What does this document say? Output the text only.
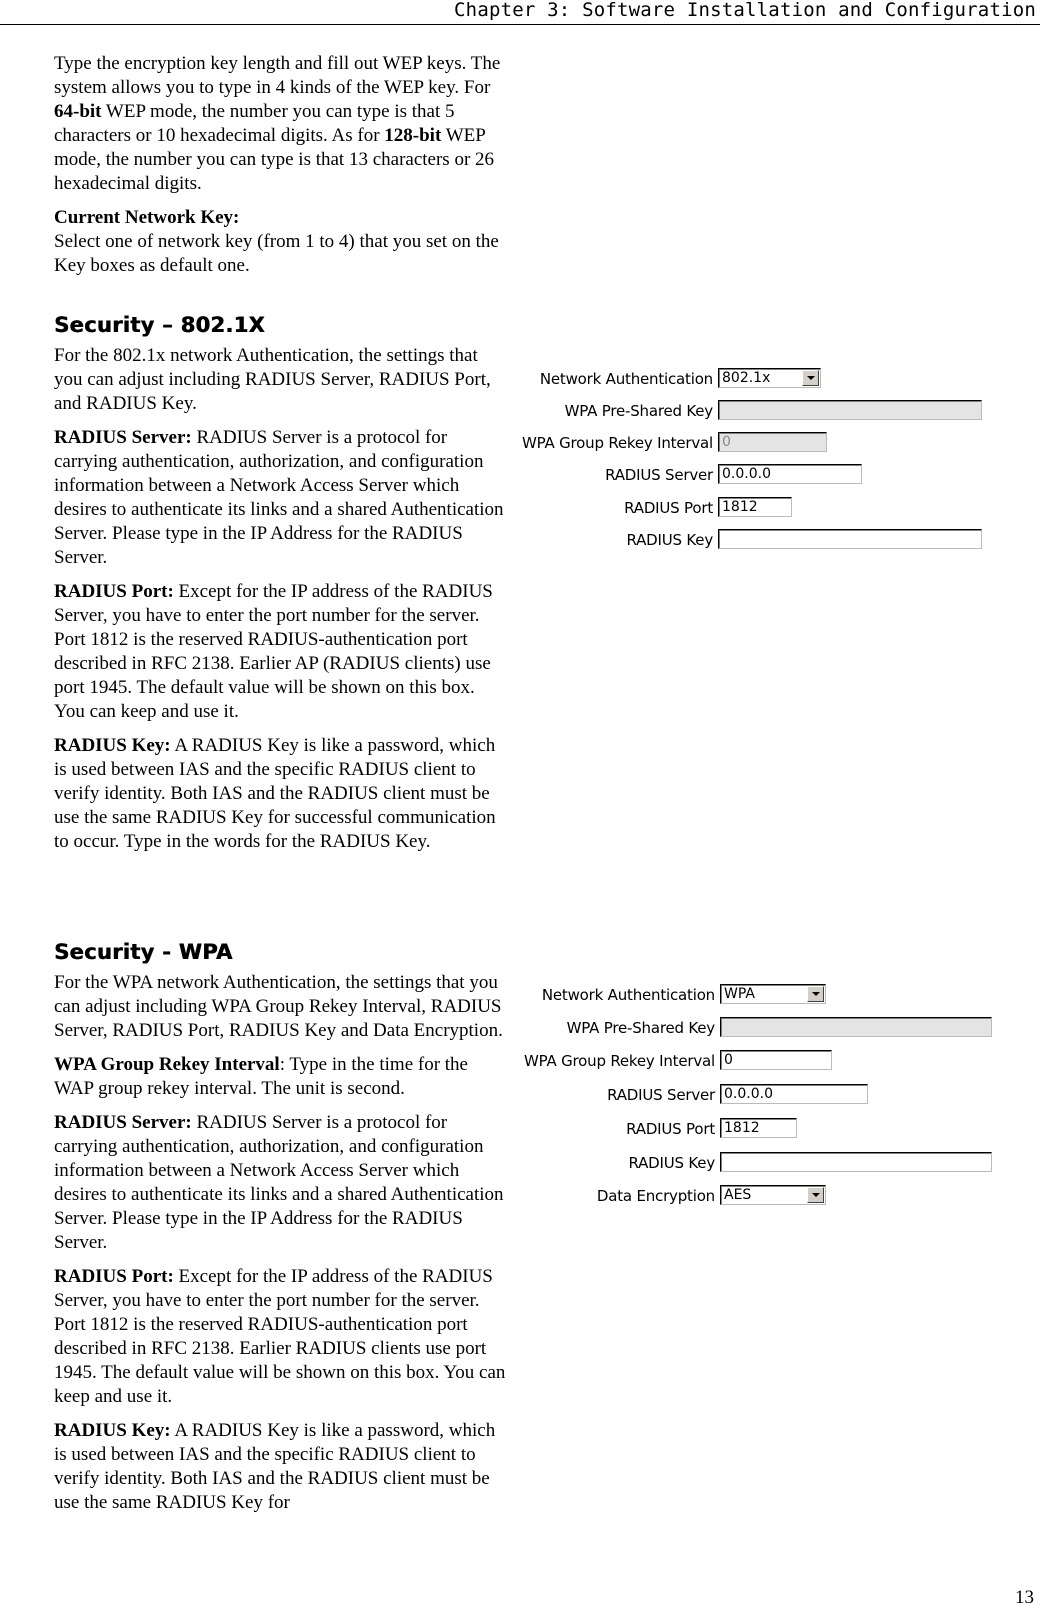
Chapter 3: Software Installation and Configuration

Type the encryption key length and fill out WEP keys. The system allows you to type in 4 kinds of the WEP key. For 64-bit WEP mode, the number you can type is that 5 characters or 10 hexadecimal digits. As for 128-bit WEP mode, the number you can type is that 13 characters or 26 hexadecimal digits.

Current Network Key:
Select one of network key (from 1 to 4) that you set on the Key boxes as default one.

Security – 802.1X

For the 802.1x network Authentication, the settings that you can adjust including RADIUS Server, RADIUS Port, and RADIUS Key.

RADIUS Server: RADIUS Server is a protocol for carrying authentication, authorization, and configuration information between a Network Access Server which desires to authenticate its links and a shared Authentication Server. Please type in the IP Address for the RADIUS Server.

RADIUS Port: Except for the IP address of the RADIUS Server, you have to enter the port number for the server. Port 1812 is the reserved RADIUS-authentication port described in RFC 2138. Earlier AP (RADIUS clients) use port 1945. The default value will be shown on this box. You can keep and use it.

RADIUS Key: A RADIUS Key is like a password, which is used between IAS and the specific RADIUS client to verify identity. Both IAS and the RADIUS client must be use the same RADIUS Key for successful communication to occur. Type in the words for the RADIUS Key.

Security - WPA

For the WPA network Authentication, the settings that you can adjust including WPA Group Rekey Interval, RADIUS Server, RADIUS Port, RADIUS Key and Data Encryption.

WPA Group Rekey Interval: Type in the time for the WAP group rekey interval. The unit is second.

RADIUS Server: RADIUS Server is a protocol for carrying authentication, authorization, and configuration information between a Network Access Server which desires to authenticate its links and a shared Authentication Server. Please type in the IP Address for the RADIUS Server.

RADIUS Port: Except for the IP address of the RADIUS Server, you have to enter the port number for the server. Port 1812 is the reserved RADIUS-authentication port described in RFC 2138. Earlier RADIUS clients use port 1945. The default value will be shown on this box. You can keep and use it.

RADIUS Key: A RADIUS Key is like a password, which is used between IAS and the specific RADIUS client to verify identity. Both IAS and the RADIUS client must be use the same RADIUS Key for

Network Authentication 802.1x
WPA Pre-Shared Key
WPA Group Rekey Interval 0
RADIUS Server 0.0.0.0
RADIUS Port 1812
RADIUS Key
Network Authentication WPA
WPA Pre-Shared Key
WPA Group Rekey Interval 0
RADIUS Server 0.0.0.0
RADIUS Port 1812
RADIUS Key
Data Encryption AES
13
